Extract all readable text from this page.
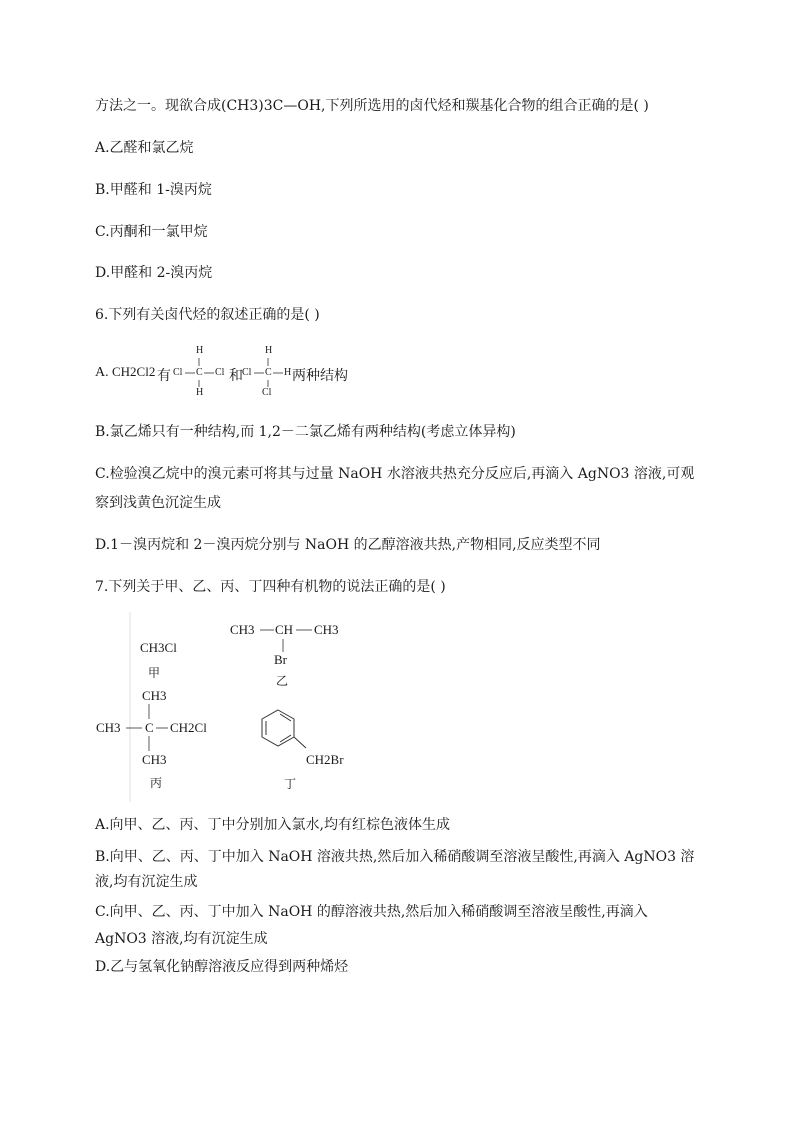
方法之一。现欲合成(CH3)3C—OH,下列所选用的卤代烃和羰基化合物的组合正确的是( )
A.乙醛和氯乙烷
B.甲醛和 1-溴丙烷
C.丙酮和一氯甲烷
D.甲醛和 2-溴丙烷
6.下列有关卤代烃的叙述正确的是( )
A. CH2Cl2 有
H
Cl C Cl
H
和
H
Cl C H
Cl
两种结构
B.氯乙烯只有一种结构,而 1,2－二氯乙烯有两种结构(考虑立体异构)
C.检验溴乙烷中的溴元素可将其与过量 NaOH 水溶液共热充分反应后,再滴入 AgNO3 溶液,可观
察到浅黄色沉淀生成
D.1－溴丙烷和 2－溴丙烷分别与 NaOH 的乙醇溶液共热,产物相同,反应类型不同
7.下列关于甲、乙、丙、丁四种有机物的说法正确的是( )
CH3Cl
甲
CH3 CH CH3
Br
乙
CH3
CH3 C CH2Cl
CH3
丙
CH2Br
丁
A.向甲、乙、丙、丁中分别加入氯水,均有红棕色液体生成
B.向甲、乙、丙、丁中加入 NaOH 溶液共热,然后加入稀硝酸调至溶液呈酸性,再滴入 AgNO3 溶
液,均有沉淀生成
C.向甲、乙、丙、丁中加入 NaOH 的醇溶液共热,然后加入稀硝酸调至溶液呈酸性,再滴入
AgNO3 溶液,均有沉淀生成
D.乙与氢氧化钠醇溶液反应得到两种烯烃
